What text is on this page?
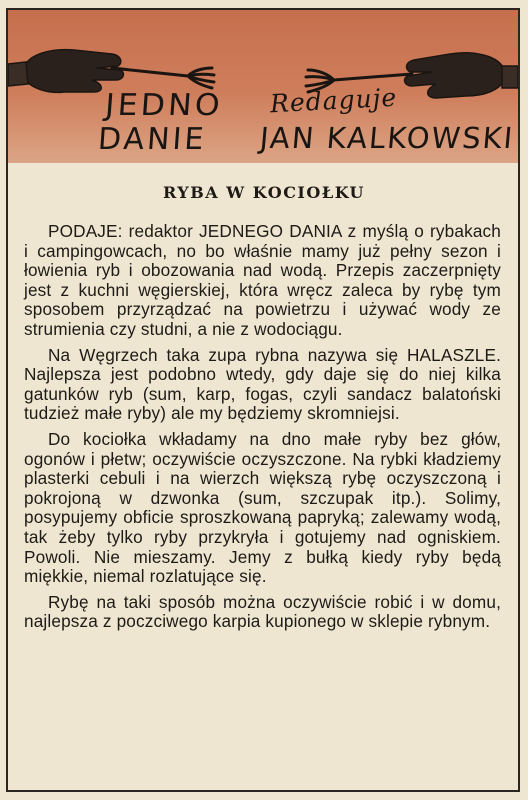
JEDNO
DANIE
Redaguje
JAN KALKOWSKI
RYBA W KOCIOŁKU

PODAJE: redaktor JEDNEGO DANIA z myślą o rybakach i campingowcach, no bo właśnie mamy już pełny sezon i łowienia ryb i obozowania nad wodą. Przepis zaczerpnięty jest z kuchni węgierskiej, która wręcz zaleca by rybę tym sposobem przyrządzać na powietrzu i używać wody ze strumienia czy studni, a nie z wodociągu.

Na Węgrzech taka zupa rybna nazywa się HALASZLE. Najlepsza jest podobno wtedy, gdy daje się do niej kilka gatunków ryb (sum, karp, fogas, czyli sandacz balatoński tudzież małe ryby) ale my będziemy skromniejsi.

Do kociołka wkładamy na dno małe ryby bez głów, ogonów i płetw; oczywiście oczyszczone. Na rybki kładziemy plasterki cebuli i na wierzch większą rybę oczyszczoną i pokrojoną w dzwonka (sum, szczupak itp.). Solimy, posypujemy obficie sproszkowaną papryką; zalewamy wodą, tak żeby tylko ryby przykryła i gotujemy nad ogniskiem. Powoli. Nie mieszamy. Jemy z bułką kiedy ryby będą miękkie, niemal rozlatujące się.

Rybę na taki sposób można oczywiście robić i w domu, najlepsza z poczciwego karpia kupionego w sklepie rybnym.
